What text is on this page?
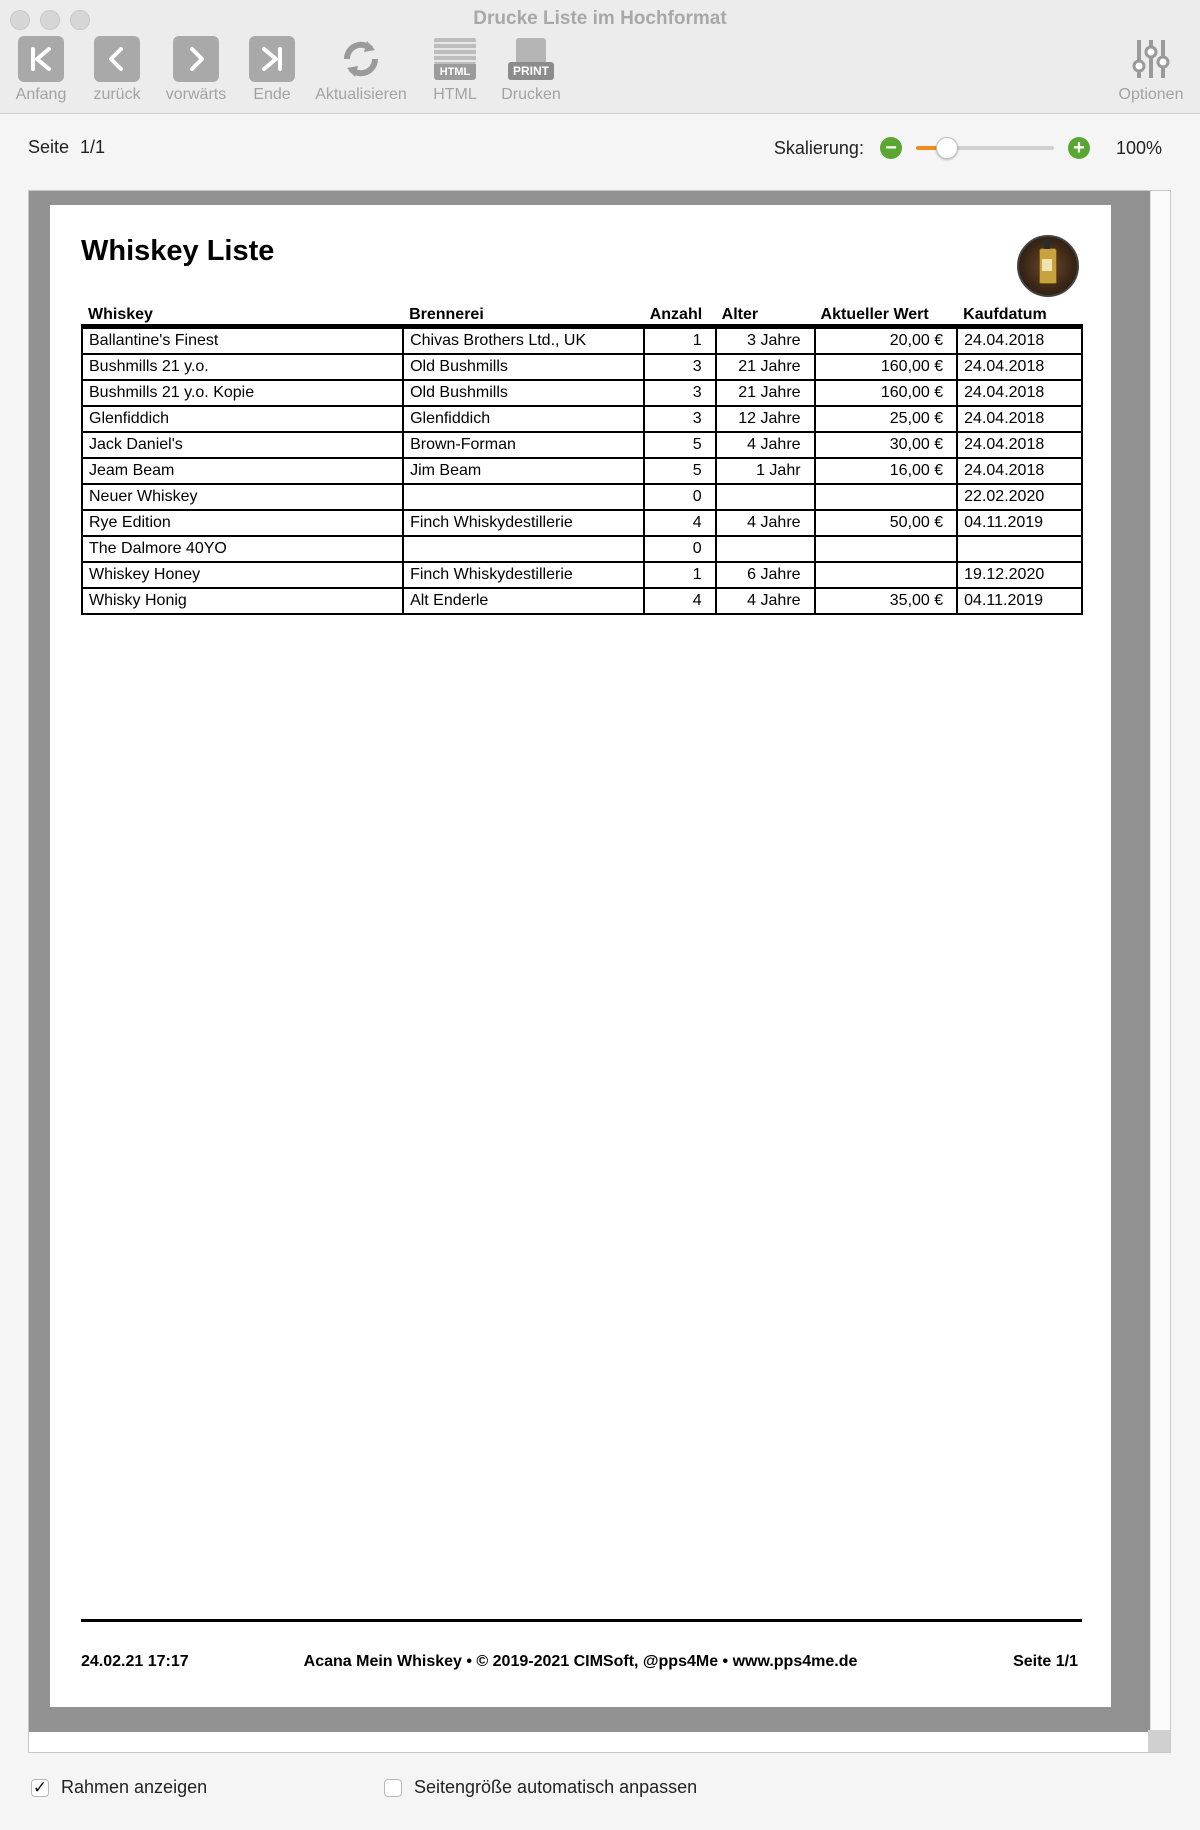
Drucke Liste im Hochformat
Anfang	zurück	vorwärts	Ende	Aktualisieren
HTML
HTML
PRINT
Drucken	Optionen
Seite 1/1	Skalierung: −	+ 100%
Whiskey Liste
Whiskey	Brennerei	Anzahl	Alter	Aktueller Wert	Kaufdatum
Ballantine's Finest	Chivas Brothers Ltd., UK	1	3 Jahre	20,00 €	24.04.2018
Bushmills 21 y.o.	Old Bushmills	3	21 Jahre	160,00 €	24.04.2018
Bushmills 21 y.o. Kopie	Old Bushmills	3	21 Jahre	160,00 €	24.04.2018
Glenfiddich	Glenfiddich	3	12 Jahre	25,00 €	24.04.2018
Jack Daniel's	Brown-Forman	5	4 Jahre	30,00 €	24.04.2018
Jeam Beam	Jim Beam	5	1 Jahr	16,00 €	24.04.2018
Neuer Whiskey		0			22.02.2020
Rye Edition	Finch Whiskydestillerie	4	4 Jahre	50,00 €	04.11.2019
The Dalmore 40YO		0			
Whiskey Honey	Finch Whiskydestillerie	1	6 Jahre		19.12.2020
Whisky Honig	Alt Enderle	4	4 Jahre	35,00 €	04.11.2019
24.02.21 17:17	Acana Mein Whiskey • © 2019-2021 CIMSoft, @pps4Me • www.pps4me.de	Seite 1/1
✓ Rahmen anzeigen	Seitengröße automatisch anpassen
